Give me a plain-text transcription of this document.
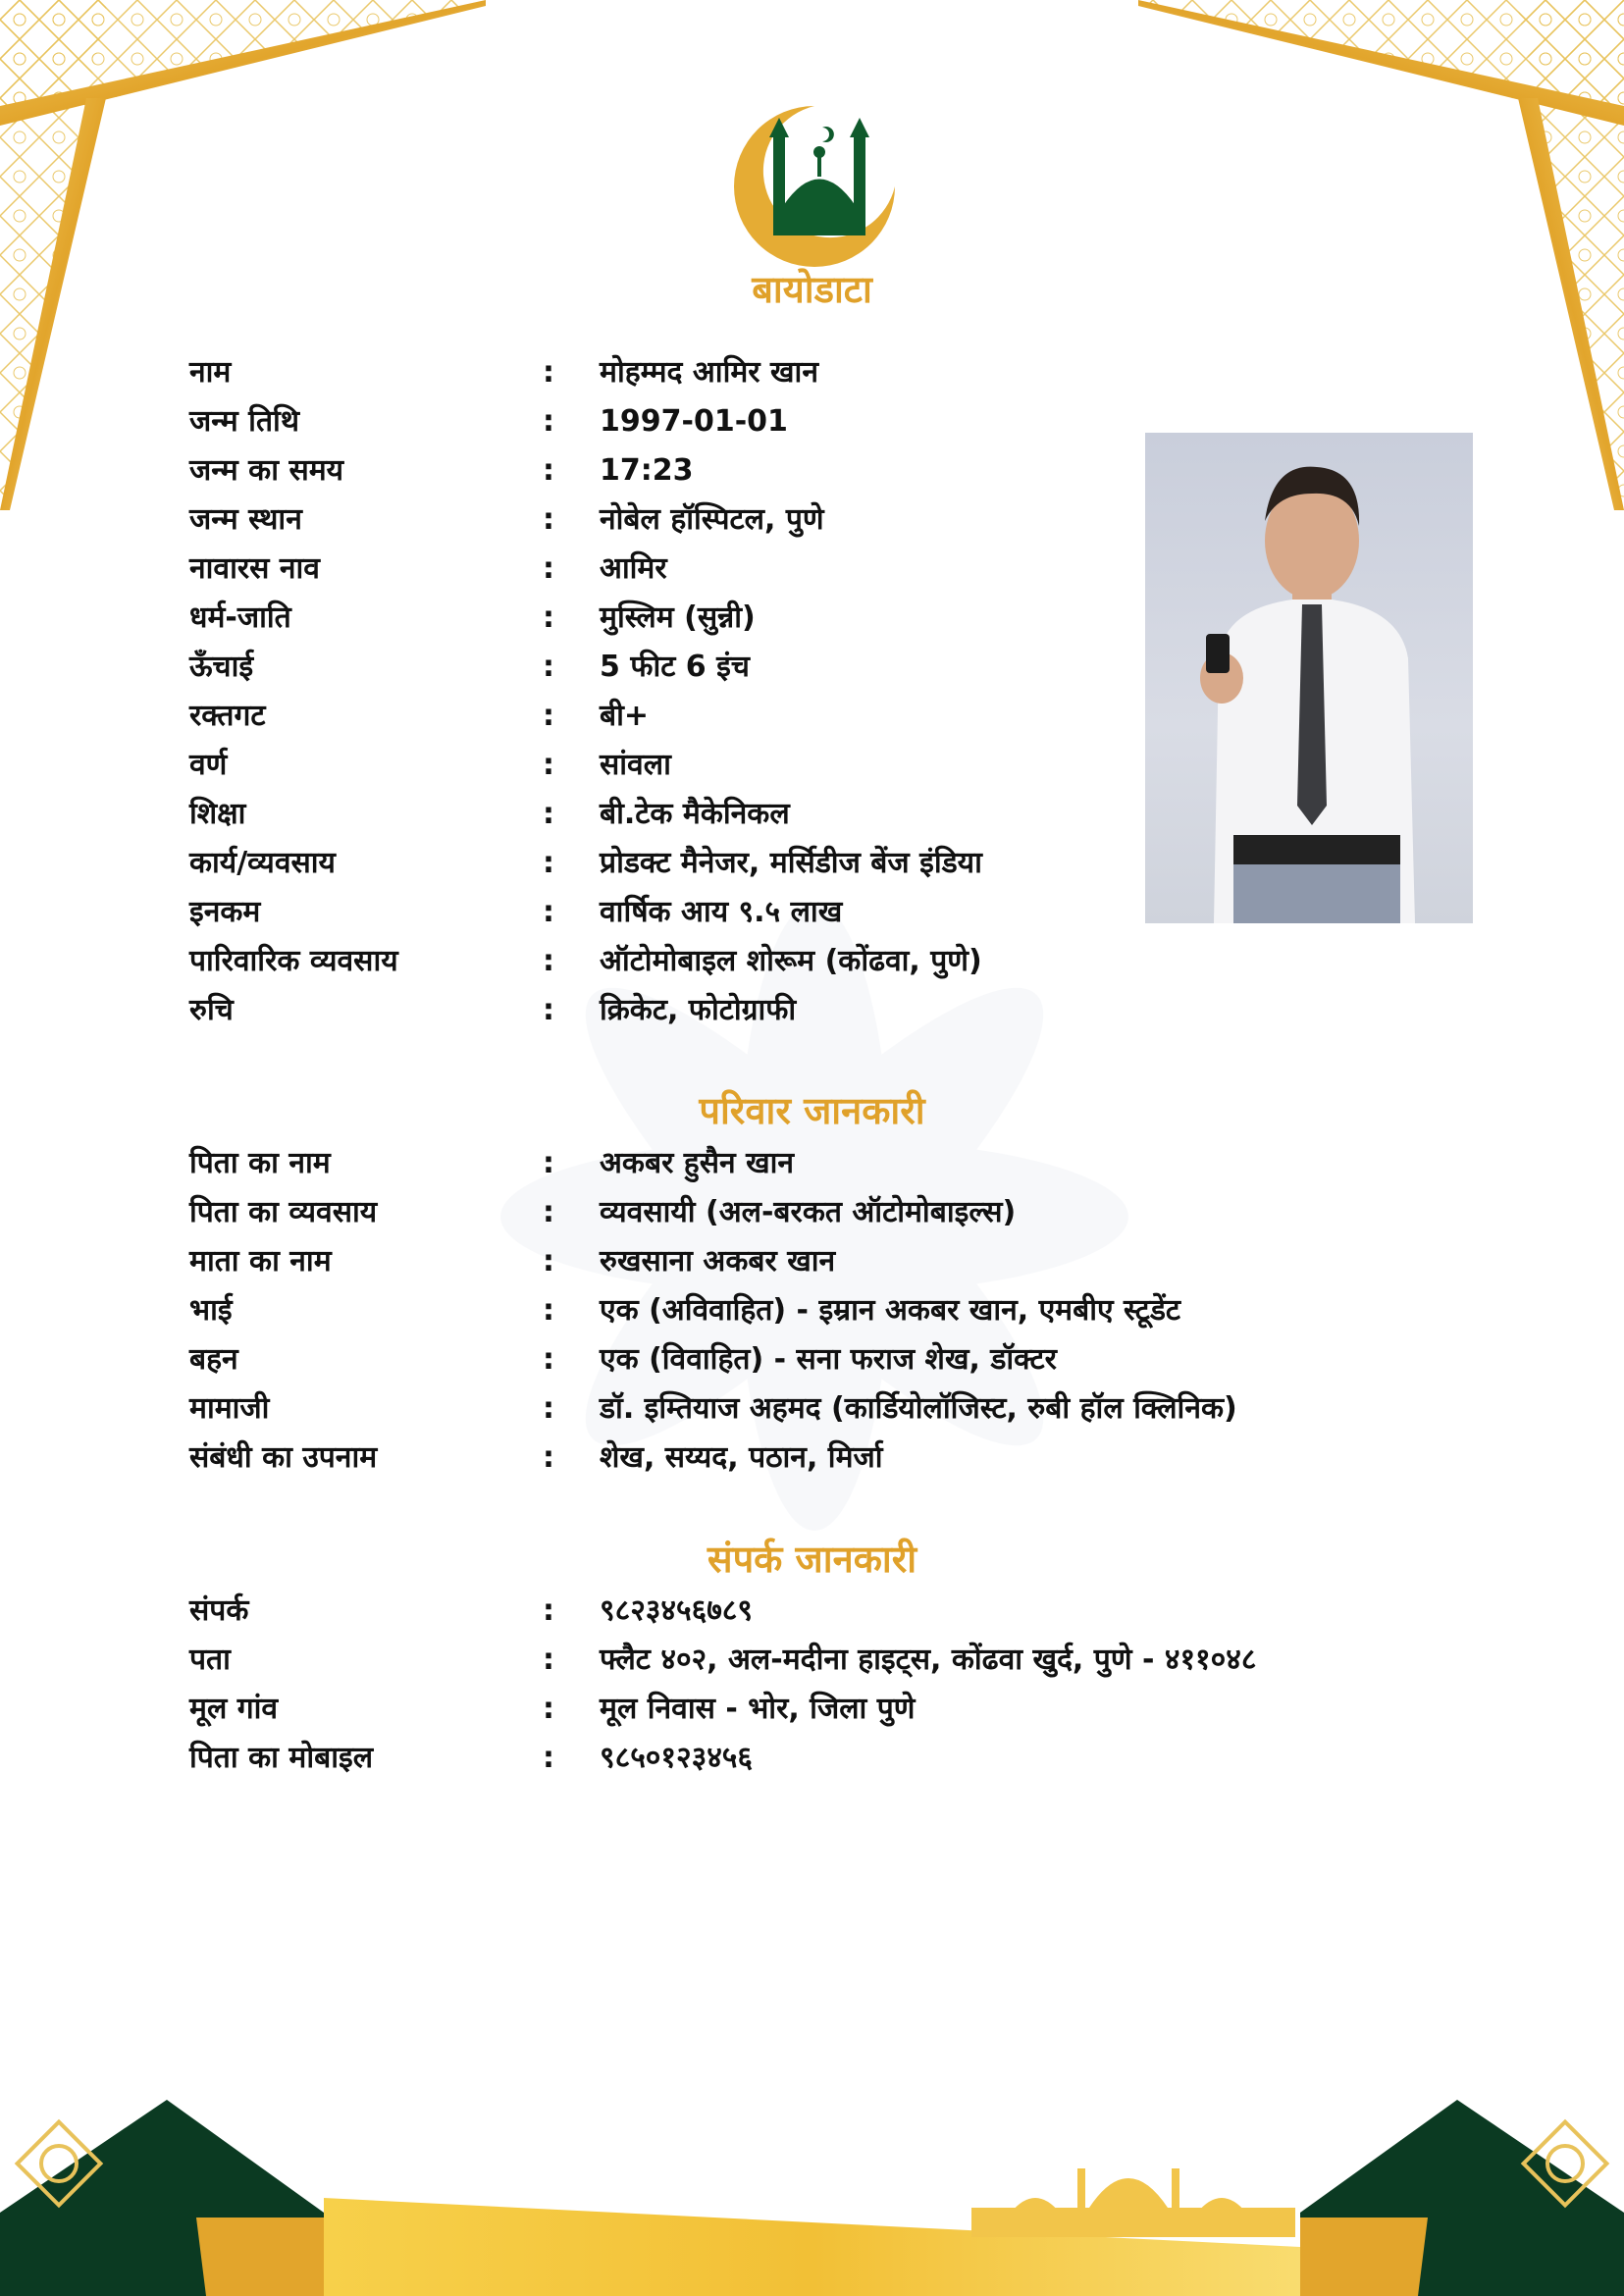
बायोडाटा
नाम	: मोहम्मद आमिर खान
जन्म तिथि	: 1997-01-01
जन्म का समय	: 17:23
जन्म स्थान	: नोबेल हॉस्पिटल, पुणे
नावारस नाव	: आमिर
धर्म-जाति	: मुस्लिम (सुन्नी)
ऊँचाई	: 5 फीट 6 इंच
रक्तगट	: बी+
वर्ण	: सांवला
शिक्षा	: बी.टेक मैकेनिकल
कार्य/व्यवसाय	: प्रोडक्ट मैनेजर, मर्सिडीज बेंज इंडिया
इनकम	: वार्षिक आय ९.५ लाख
पारिवारिक व्यवसाय	: ऑटोमोबाइल शोरूम (कोंढवा, पुणे)
रुचि	: क्रिकेट, फोटोग्राफी
परिवार जानकारी
पिता का नाम	: अकबर हुसैन खान
पिता का व्यवसाय	: व्यवसायी (अल-बरकत ऑटोमोबाइल्स)
माता का नाम	: रुखसाना अकबर खान
भाई	: एक (अविवाहित) - इम्रान अकबर खान, एमबीए स्टूडेंट
बहन	: एक (विवाहित) - सना फराज शेख, डॉक्टर
मामाजी	: डॉ. इम्तियाज अहमद (कार्डियोलॉजिस्ट, रुबी हॉल क्लिनिक)
संबंधी का उपनाम	: शेख, सय्यद, पठान, मिर्जा
संपर्क जानकारी
संपर्क	: ९८२३४५६७८९
पता	: फ्लैट ४०२, अल-मदीना हाइट्स, कोंढवा खुर्द, पुणे - ४११०४८
मूल गांव	: मूल निवास - भोर, जिला पुणे
पिता का मोबाइल	: ९८५०१२३४५६
